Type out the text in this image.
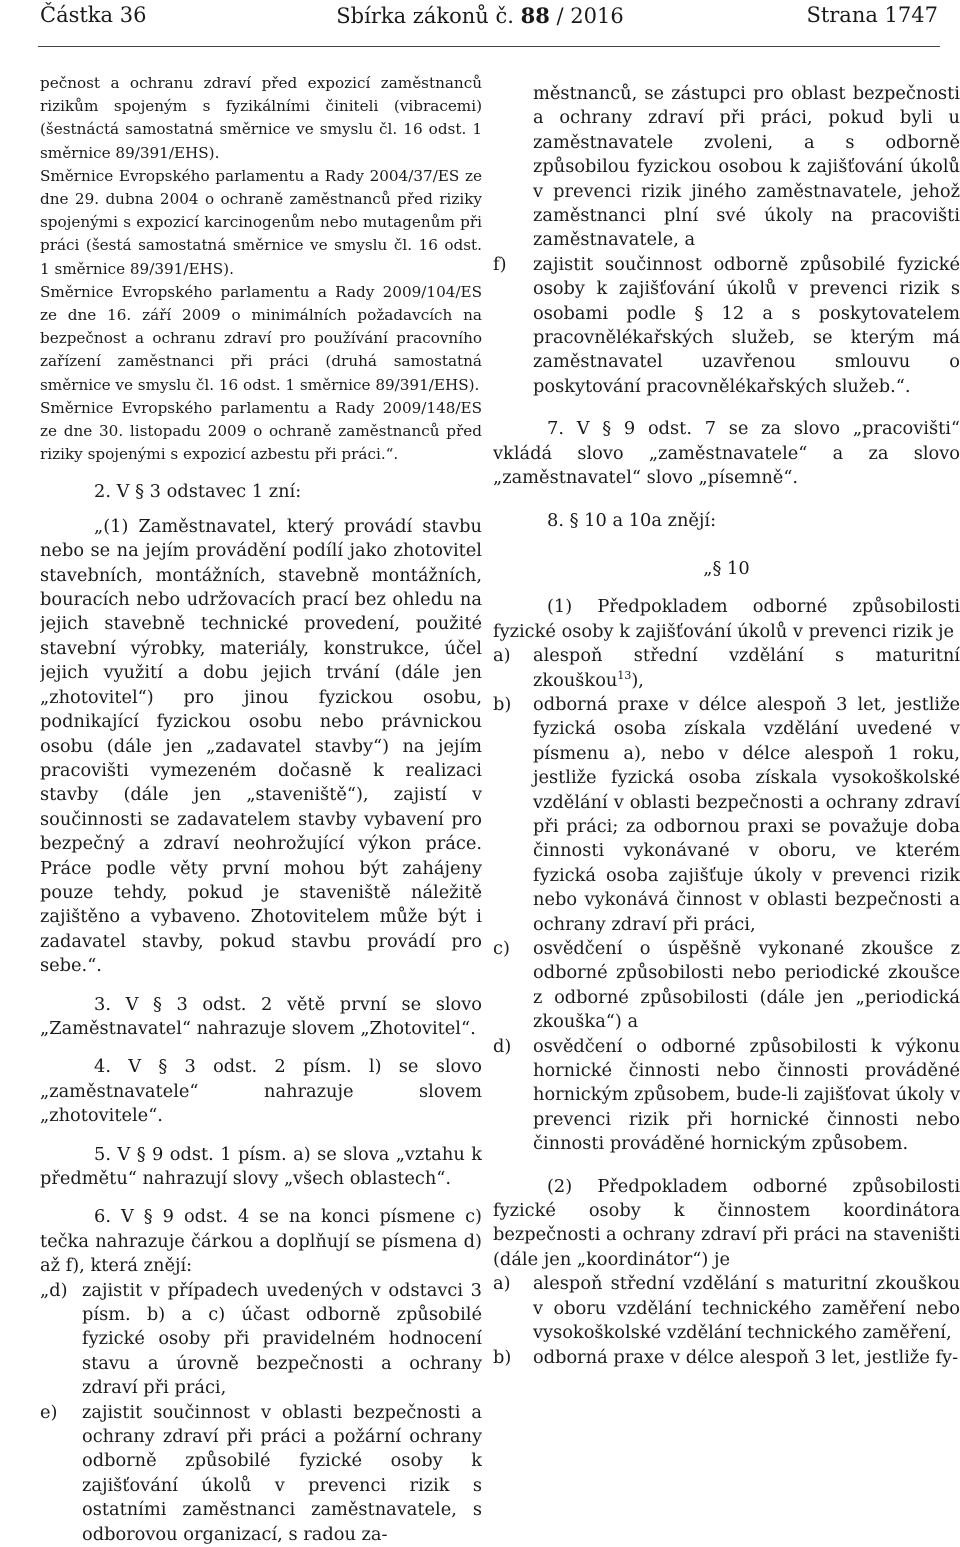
Částka 36	Sbírka zákonů č. 88 / 2016	Strana 1747

pečnost a ochranu zdraví před expozicí zaměstnanců rizikům spojeným s fyzikálními činiteli (vibracemi) (šestnáctá samostatná směrnice ve smyslu čl. 16 odst. 1 směrnice 89/391/EHS).

Směrnice Evropského parlamentu a Rady 2004/37/ES ze dne 29. dubna 2004 o ochraně zaměstnanců před riziky spojenými s expozicí karcinogenům nebo mutagenům při práci (šestá samostatná směrnice ve smyslu čl. 16 odst. 1 směrnice 89/391/EHS).

Směrnice Evropského parlamentu a Rady 2009/104/ES ze dne 16. září 2009 o minimálních požadavcích na bezpečnost a ochranu zdraví pro používání pracovního zařízení zaměstnanci při práci (druhá samostatná směrnice ve smyslu čl. 16 odst. 1 směrnice 89/391/EHS).

Směrnice Evropského parlamentu a Rady 2009/148/ES ze dne 30. listopadu 2009 o ochraně zaměstnanců před riziky spojenými s expozicí azbestu při práci.“.

2. V § 3 odstavec 1 zní:

„(1) Zaměstnavatel, který provádí stavbu nebo se na jejím provádění podílí jako zhotovitel stavebních, montážních, stavebně montážních, bouracích nebo udržovacích prací bez ohledu na jejich stavebně technické provedení, použité stavební výrobky, materiály, konstrukce, účel jejich využití a dobu jejich trvání (dále jen „zhotovitel“) pro jinou fyzickou osobu, podnikající fyzickou osobu nebo právnickou osobu (dále jen „zadavatel stavby“) na jejím pracovišti vymezeném dočasně k realizaci stavby (dále jen „staveniště“), zajistí v součinnosti se zadavatelem stavby vybavení pro bezpečný a zdraví neohrožující výkon práce. Práce podle věty první mohou být zahájeny pouze tehdy, pokud je staveniště náležitě zajištěno a vybaveno. Zhotovitelem může být i zadavatel stavby, pokud stavbu provádí pro sebe.“.

3. V § 3 odst. 2 větě první se slovo „Zaměstnavatel“ nahrazuje slovem „Zhotovitel“.

4. V § 3 odst. 2 písm. l) se slovo „zaměstnavatele“ nahrazuje slovem „zhotovitele“.

5. V § 9 odst. 1 písm. a) se slova „vztahu k předmětu“ nahrazují slovy „všech oblastech“.

6. V § 9 odst. 4 se na konci písmene c) tečka nahrazuje čárkou a doplňují se písmena d) až f), která znějí:

„d) zajistit v případech uvedených v odstavci 3 písm. b) a c) účast odborně způsobilé fyzické osoby při pravidelném hodnocení stavu a úrovně bezpečnosti a ochrany zdraví při práci,

e) zajistit součinnost v oblasti bezpečnosti a ochrany zdraví při práci a požární ochrany odborně způsobilé fyzické osoby k zajišťování úkolů v prevenci rizik s ostatními zaměstnanci zaměstnavatele, s odborovou organizací, s radou za-

městnanců, se zástupci pro oblast bezpečnosti a ochrany zdraví při práci, pokud byli u zaměstnavatele zvoleni, a s odborně způsobilou fyzickou osobou k zajišťování úkolů v prevenci rizik jiného zaměstnavatele, jehož zaměstnanci plní své úkoly na pracovišti zaměstnavatele, a

f) zajistit součinnost odborně způsobilé fyzické osoby k zajišťování úkolů v prevenci rizik s osobami podle § 12 a s poskytovatelem pracovnělékařských služeb, se kterým má zaměstnavatel uzavřenou smlouvu o poskytování pracovnělékařských služeb.“.

7. V § 9 odst. 7 se za slovo „pracovišti“ vkládá slovo „zaměstnavatele“ a za slovo „zaměstnavatel“ slovo „písemně“.

8. § 10 a 10a znějí:

„§ 10

(1) Předpokladem odborné způsobilosti fyzické osoby k zajišťování úkolů v prevenci rizik je

a) alespoň střední vzdělání s maturitní zkouškou$^{13}$),

b) odborná praxe v délce alespoň 3 let, jestliže fyzická osoba získala vzdělání uvedené v písmenu a), nebo v délce alespoň 1 roku, jestliže fyzická osoba získala vysokoškolské vzdělání v oblasti bezpečnosti a ochrany zdraví při práci; za odbornou praxi se považuje doba činnosti vykonávané v oboru, ve kterém fyzická osoba zajišťuje úkoly v prevenci rizik nebo vykonává činnost v oblasti bezpečnosti a ochrany zdraví při práci,

c) osvědčení o úspěšně vykonané zkoušce z odborné způsobilosti nebo periodické zkoušce z odborné způsobilosti (dále jen „periodická zkouška“) a

d) osvědčení o odborné způsobilosti k výkonu hornické činnosti nebo činnosti prováděné hornickým způsobem, bude-li zajišťovat úkoly v prevenci rizik při hornické činnosti nebo činnosti prováděné hornickým způsobem.

(2) Předpokladem odborné způsobilosti fyzické osoby k činnostem koordinátora bezpečnosti a ochrany zdraví při práci na staveništi (dále jen „koordinátor“) je

a) alespoň střední vzdělání s maturitní zkouškou v oboru vzdělání technického zaměření nebo vysokoškolské vzdělání technického zaměření,

b) odborná praxe v délce alespoň 3 let, jestliže fy-
